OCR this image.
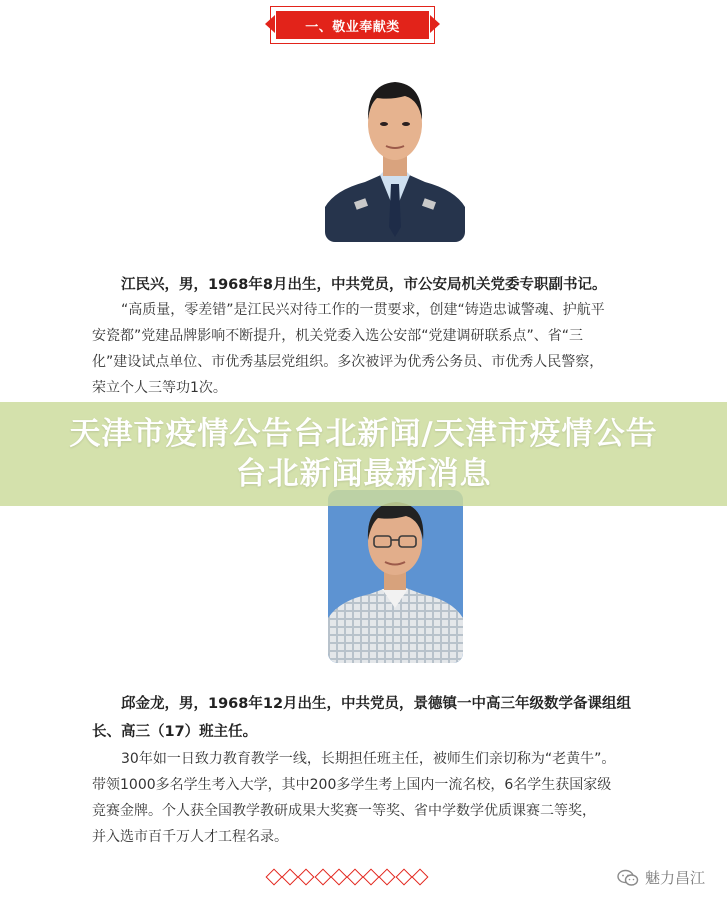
一、敬业奉献类
江民兴，男，1968年8月出生，中共党员，市公安局机关党委专职副书记。
“高质量，零差错”是江民兴对待工作的一贯要求，创建“铸造忠诚警魂、护航平
安瓷都”党建品牌影响不断提升，机关党委入选公安部“党建调研联系点”、省“三
化”建设试点单位、市优秀基层党组织。多次被评为优秀公务员、市优秀人民警察，
荣立个人三等功1次。
天津市疫情公告台北新闻/天津市疫情公告
台北新闻最新消息
邱金龙，男，1968年12月出生，中共党员，景德镇一中高三年级数学备课组组
长、高三（17）班主任。
30年如一日致力教育教学一线，长期担任班主任，被师生们亲切称为“老黄牛”。
带领1000多名学生考入大学，其中200多学生考上国内一流名校，6名学生获国家级
竞赛金牌。个人获全国教学教研成果大奖赛一等奖、省中学数学优质课赛二等奖，
并入选市百千万人才工程名录。
魅力昌江
